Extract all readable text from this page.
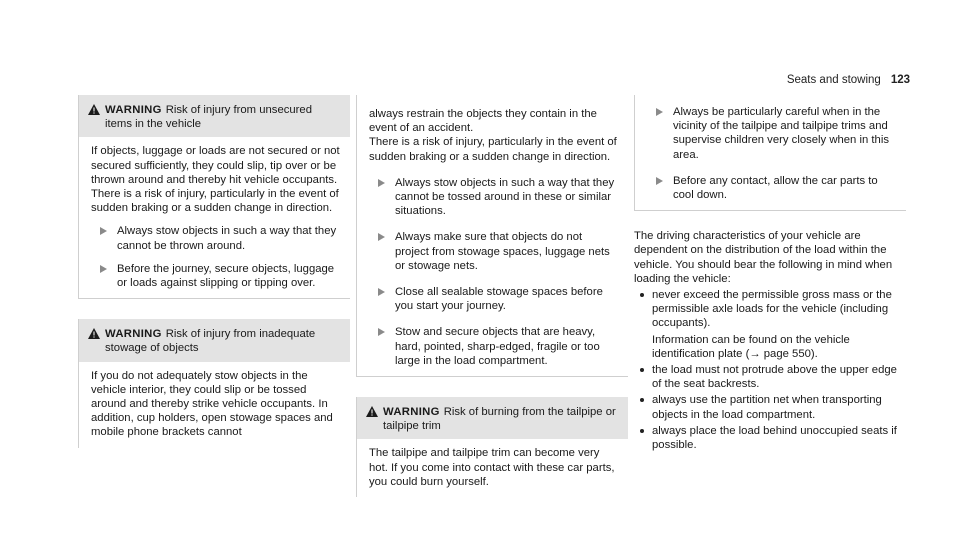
Seats and stowing 123
WARNING Risk of injury from unsecured items in the vehicle

If objects, luggage or loads are not secured or not secured sufficiently, they could slip, tip over or be thrown around and thereby hit vehicle occupants.

There is a risk of injury, particularly in the event of sudden braking or a sudden change in direction.

Always stow objects in such a way that they cannot be thrown around.
Before the journey, secure objects, luggage or loads against slipping or tipping over.
WARNING Risk of injury from inadequate stowage of objects

If you do not adequately stow objects in the vehicle interior, they could slip or be tossed around and thereby strike vehicle occupants. In addition, cup holders, open stowage spaces and mobile phone brackets cannot

always restrain the objects they contain in the event of an accident.

There is a risk of injury, particularly in the event of sudden braking or a sudden change in direction.

Always stow objects in such a way that they cannot be tossed around in these or similar situations.
Always make sure that objects do not project from stowage spaces, luggage nets or stowage nets.
Close all sealable stowage spaces before you start your journey.
Stow and secure objects that are heavy, hard, pointed, sharp-edged, fragile or too large in the load compartment.
WARNING Risk of burning from the tailpipe or tailpipe trim

The tailpipe and tailpipe trim can become very hot. If you come into contact with these car parts, you could burn yourself.

Always be particularly careful when in the vicinity of the tailpipe and tailpipe trims and supervise children very closely when in this area.
Before any contact, allow the car parts to cool down.

The driving characteristics of your vehicle are dependent on the distribution of the load within the vehicle. You should bear the following in mind when loading the vehicle:

never exceed the permissible gross mass or the permissible axle loads for the vehicle (including occupants).
Information can be found on the vehicle identification plate (→ page 550).
the load must not protrude above the upper edge of the seat backrests.
always use the partition net when transporting objects in the load compartment.
always place the load behind unoccupied seats if possible.
